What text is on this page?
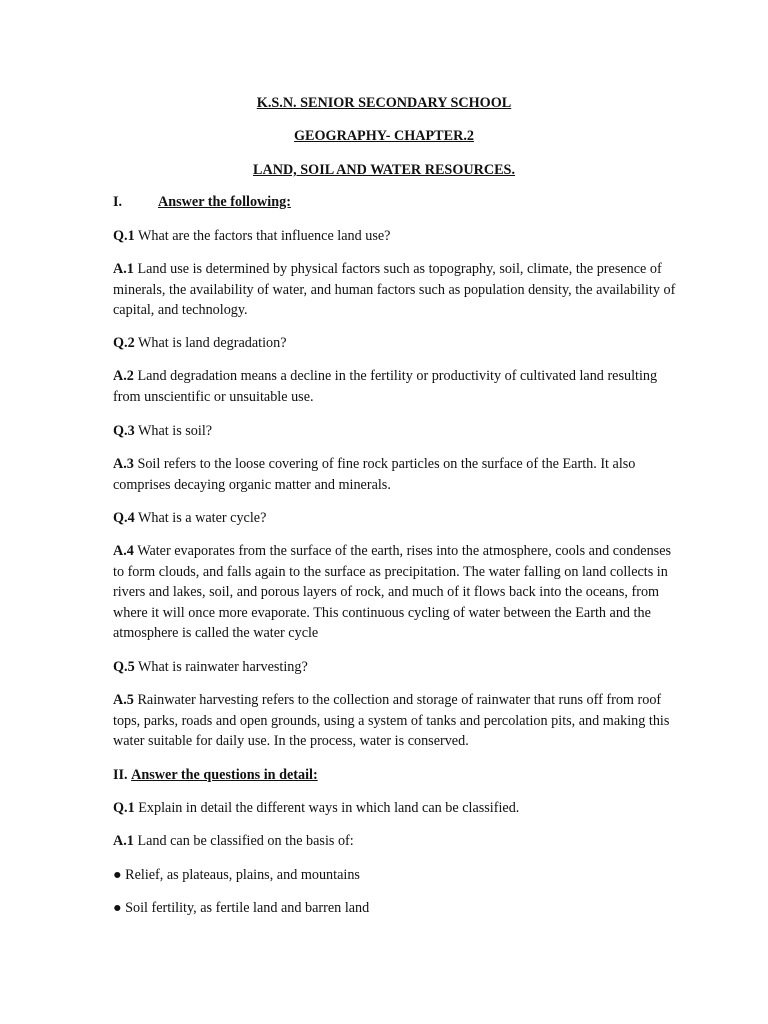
K.S.N. SENIOR SECONDARY SCHOOL

GEOGRAPHY- CHAPTER.2

LAND, SOIL AND WATER RESOURCES.

I.	Answer the following:

Q.1 What are the factors that influence land use?

A.1 Land use is determined by physical factors such as topography, soil, climate, the presence of minerals, the availability of water, and human factors such as population density, the availability of capital, and technology.

Q.2 What is land degradation?

A.2 Land degradation means a decline in the fertility or productivity of cultivated land resulting from unscientific or unsuitable use.

Q.3 What is soil?

A.3 Soil refers to the loose covering of fine rock particles on the surface of the Earth. It also comprises decaying organic matter and minerals.

Q.4 What is a water cycle?

A.4 Water evaporates from the surface of the earth, rises into the atmosphere, cools and condenses to form clouds, and falls again to the surface as precipitation. The water falling on land collects in rivers and lakes, soil, and porous layers of rock, and much of it flows back into the oceans, from where it will once more evaporate. This continuous cycling of water between the Earth and the atmosphere is called the water cycle

Q.5 What is rainwater harvesting?

A.5 Rainwater harvesting refers to the collection and storage of rainwater that runs off from roof tops, parks, roads and open grounds, using a system of tanks and percolation pits, and making this water suitable for daily use. In the process, water is conserved.

II. Answer the questions in detail:

Q.1 Explain in detail the different ways in which land can be classified.

A.1 Land can be classified on the basis of:

● Relief, as plateaus, plains, and mountains

● Soil fertility, as fertile land and barren land
